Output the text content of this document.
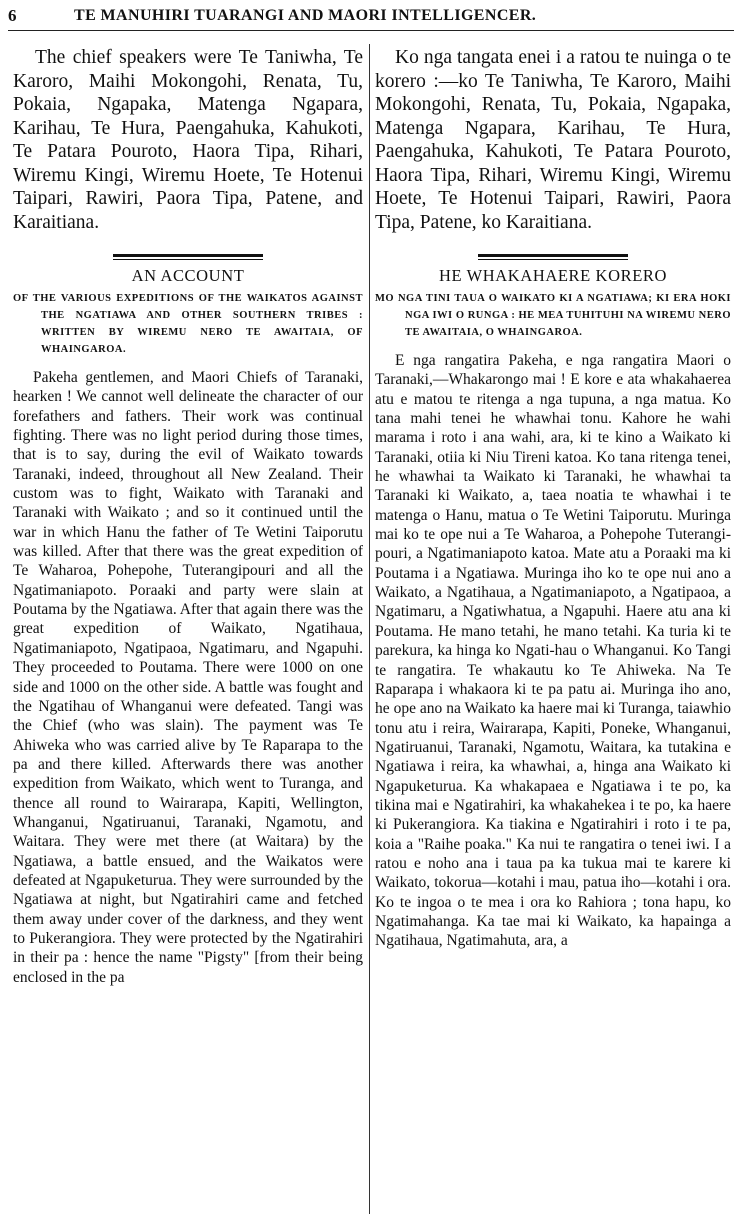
6	TE MANUHIRI TUARANGI AND MAORI INTELLIGENCER.

The chief speakers were Te Taniwha, Te Karoro, Maihi Mokongohi, Renata, Tu, Pokaia, Ngapaka, Matenga Ngapara, Karihau, Te Hura, Paengahuka, Kahukoti, Te Patara Pouroto, Haora Tipa, Rihari, Wiremu Kingi, Wiremu Hoete, Te Hotenui Taipari, Rawiri, Paora Tipa, Patene, and Karaitiana.

AN ACCOUNT

OF THE VARIOUS EXPEDITIONS OF THE WAIKATOS AGAINST THE NGATIAWA AND OTHER SOUTHERN TRIBES : WRITTEN BY WIREMU NERO TE AWAITAIA, OF WHAINGAROA.

Pakeha gentlemen, and Maori Chiefs of Taranaki, hearken ! We cannot well delineate the character of our forefathers and fathers. Their work was continual fighting. There was no light period during those times, that is to say, during the evil of Waikato towards Taranaki, indeed, throughout all New Zealand. Their custom was to fight, Waikato with Taranaki and Taranaki with Waikato ; and so it continued until the war in which Hanu the father of Te Wetini Taiporutu was killed. After that there was the great expedition of Te Waharoa, Pohepohe, Tuterangipouri and all the Ngatimaniapoto. Poraaki and party were slain at Poutama by the Ngatiawa. After that again there was the great expedition of Waikato, Ngatihaua, Ngatimaniapoto, Ngatipaoa, Ngatimaru, and Ngapuhi. They proceeded to Poutama. There were 1000 on one side and 1000 on the other side. A battle was fought and the Ngatihau of Whanganui were defeated. Tangi was the Chief (who was slain). The payment was Te Ahiweka who was carried alive by Te Raparapa to the pa and there killed. Afterwards there was another expedition from Waikato, which went to Turanga, and thence all round to Wairarapa, Kapiti, Wellington, Whanganui, Ngatiruanui, Taranaki, Ngamotu, and Waitara. They were met there (at Waitara) by the Ngatiawa, a battle ensued, and the Waikatos were defeated at Ngapuketurua. They were surrounded by the Ngatiawa at night, but Ngatirahiri came and fetched them away under cover of the darkness, and they went to Pukerangiora. They were protected by the Ngatirahiri in their pa : hence the name "Pigsty" [from their being enclosed in the pa

Ko nga tangata enei i a ratou te nuinga o te korero :—ko Te Taniwha, Te Karoro, Maihi Mokongohi, Renata, Tu, Pokaia, Ngapaka, Matenga Ngapara, Karihau, Te Hura, Paengahuka, Kahukoti, Te Patara Pouroto, Haora Tipa, Rihari, Wiremu Kingi, Wiremu Hoete, Te Hotenui Taipari, Rawiri, Paora Tipa, Patene, ko Karaitiana.

HE WHAKAHAERE KORERO

MO NGA TINI TAUA O WAIKATO KI A NGATIAWA; KI ERA HOKI NGA IWI O RUNGA : HE MEA TUHITUHI NA WIREMU NERO TE AWAITAIA, O WHAINGAROA.

E nga rangatira Pakeha, e nga rangatira Maori o Taranaki,—Whakarongo mai ! E kore e ata whakahaerea atu e matou te ritenga a nga tupuna, a nga matua. Ko tana mahi tenei he whawhai tonu. Kahore he wahi marama i roto i ana wahi, ara, ki te kino a Waikato ki Taranaki, otiia ki Niu Tireni katoa. Ko tana ritenga tenei, he whawhai ta Waikato ki Taranaki, he whawhai ta Taranaki ki Waikato, a, taea noatia te whawhai i te matenga o Hanu, matua o Te Wetini Taiporutu. Muringa mai ko te ope nui a Te Waharoa, a Pohepohe Tuterangi-pouri, a Ngatimaniapoto katoa. Mate atu a Poraaki ma ki Poutama i a Ngatiawa. Muringa iho ko te ope nui ano a Waikato, a Ngatihaua, a Ngatimaniapoto, a Ngatipaoa, a Ngatimaru, a Ngatiwhatua, a Ngapuhi. Haere atu ana ki Poutama. He mano tetahi, he mano tetahi. Ka turia ki te parekura, ka hinga ko Ngati-hau o Whanganui. Ko Tangi te rangatira. Te whakautu ko Te Ahiweka. Na Te Raparapa i whakaora ki te pa patu ai. Muringa iho ano, he ope ano na Waikato ka haere mai ki Turanga, taiawhio tonu atu i reira, Wairarapa, Kapiti, Poneke, Whanganui, Ngatiruanui, Taranaki, Ngamotu, Waitara, ka tutakina e Ngatiawa i reira, ka whawhai, a, hinga ana Waikato ki Ngapuketurua. Ka whakapaea e Ngatiawa i te po, ka tikina mai e Ngatirahiri, ka whakahekea i te po, ka haere ki Pukerangiora. Ka tiakina e Ngatirahiri i roto i te pa, koia a "Raihe poaka." Ka nui te rangatira o tenei iwi. I a ratou e noho ana i taua pa ka tukua mai te karere ki Waikato, tokorua—kotahi i mau, patua iho—kotahi i ora. Ko te ingoa o te mea i ora ko Rahiora ; tona hapu, ko Ngatimahanga. Ka tae mai ki Waikato, ka hapainga a Ngatihaua, Ngatimahuta, ara, a
